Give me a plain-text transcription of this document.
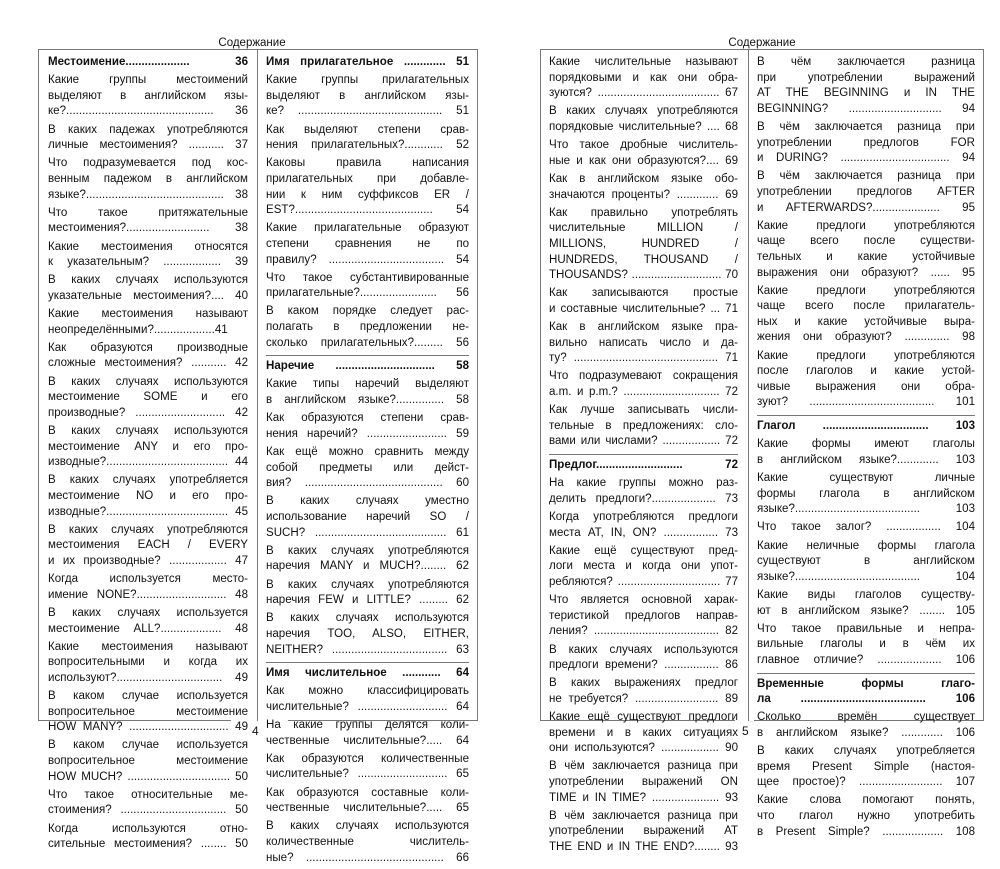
Содержание
Местоимение.................... 36
Какие группы местоимений
выделяют в английском язы-
ке?.............................................. 36
В каких падежах употребляются
личные местоимения? ........... 37
Что подразумевается под кос-
венным падежом в английском
языке?........................................... 38
Что такое притяжательные
местоимения?.......................... 38
Какие местоимения относятся
к указательным? .................. 39
В каких случаях используются
указательные местоимения?.... 40
Какие местоимения называют
неопределёнными?...................41
Как образуются производные
сложные местоимения? ........... 42
В каких случаях используются
местоимение SOME и его
производные? ............................ 42
В каких случаях используются
местоимение ANY и его про-
изводные?...................................... 44
В каких случаях употребляется
местоимение NO и его про-
изводные?...................................... 45
В каких случаях употребляются
местоимения EACH / EVERY
и их производные? .................. 47
Когда используется место-
имение NONE?............................ 48
В каких случаях используется
местоимение ALL?................... 48
Какие местоимения называют
вопросительными и когда их
используют?................................. 49
В каком случае используется
вопросительное местоимение
HOW MANY? ............................... 49
В каком случае используется
вопросительное местоимение
HOW MUCH? ................................ 50
Что такое относительные ме-
стоимения? ................................. 50
Когда используются отно-
сительные местоимения? ........ 50
Имя прилагательное ............. 51
Какие группы прилагательных
выделяют в английском язы-
ке? ............................................. 51
Как выделяют степени срав-
нения прилагательных?............ 52
Каковы правила написания
прилагательных при добавле-
нии к ним суффиксов ER /
EST?........................................... 54
Какие прилагательные образуют
степени сравнения не по
правилу? .................................... 54
Что такое субстантивированные
прилагательные?........................ 56
В каком порядке следует рас-
полагать в предложении не-
сколько прилагательных?......... 56
Наречие ............................... 58
Какие типы наречий выделяют
в английском языке?............... 58
Как образуются степени срав-
нения наречий? ......................... 59
Как ещё можно сравнить между
собой предметы или дейст-
вия? ........................................... 60
В каких случаях уместно
использование наречий SO /
SUCH? ......................................... 61
В каких случаях употребляются
наречия MANY и MUCH?........ 62
В каких случаях употребляются
наречия FEW и LITTLE? ......... 62
В каких случаях используются
наречия TOO, ALSO, EITHER,
NEITHER? .................................... 63
Имя числительное ............ 64
Как можно классифицировать
числительные? ............................ 64
На какие группы делятся коли-
чественные числительные?..... 64
Как образуются количественные
числительные? ............................ 65
Как образуются составные коли-
чественные числительные?..... 65
В каких случаях используются
количественные числитель-
ные? ........................................... 66
4
Содержание
Какие числительные называют
порядковыми и как они обра-
зуются? ...................................... 67
В каких случаях употребляются
порядковые числительные? .... 68
Что такое дробные числитель-
ные и как они образуются?.... 69
Как в английском языке обо-
значаются проценты? ............. 69
Как правильно употреблять
числительные MILLION /
MILLIONS, HUNDRED /
HUNDREDS, THOUSAND /
THOUSANDS? ............................ 70
Как записываются простые
и составные числительные? ... 71
Как в английском языке пра-
вильно написать число и да-
ту? ............................................. 71
Что подразумевают сокращения
a.m. и p.m.? .............................. 72
Как лучше записывать числи-
тельные в предложениях: сло-
вами или числами? .................. 72
Предлог........................... 72
На какие группы можно раз-
делить предлоги?.................... 73
Когда употребляются предлоги
места AT, IN, ON? ................. 73
Какие ещё существуют пред-
логи места и когда они упот-
ребляются? ................................ 77
Что является основной харак-
теристикой предлогов направ-
ления? ....................................... 82
В каких случаях используются
предлоги времени? ................. 86
В каких выражениях предлог
не требуется? .......................... 89
Какие ещё существуют предлоги
времени и в каких ситуациях
они используются? .................. 90
В чём заключается разница при
употреблении выражений ON
TIME и IN TIME? ..................... 93
В чём заключается разница при
употреблении выражений AT
THE END и IN THE END?........ 93
В чём заключается разница
при употреблении выражений
AT THE BEGINNING и IN THE
BEGINNING? ............................. 94
В чём заключается разница при
употреблении предлогов FOR
и DURING? .................................. 94
В чём заключается разница при
употреблении предлогов AFTER
и AFTERWARDS?..................... 95
Какие предлоги употребляются
чаще всего после существи-
тельных и какие устойчивые
выражения они образуют? ...... 95
Какие предлоги употребляются
чаще всего после прилагатель-
ных и какие устойчивые выра-
жения они образуют? .............. 98
Какие предлоги употребляются
после глаголов и какие устой-
чивые выражения они обра-
зуют? ....................................... 101
Глагол ................................. 103
Какие формы имеют глаголы
в английском языке?............. 103
Какие существуют личные
формы глагола в английском
языке?....................................... 103
Что такое залог? ................. 104
Какие неличные формы глагола
существуют в английском
языке?....................................... 104
Какие виды глаголов существу-
ют в английском языке? ........ 105
Что такое правильные и непра-
вильные глаголы и в чём их
главное отличие? .................... 106
Временные формы глаго-
ла ....................................... 106
Сколько времён существует
в английском языке? ............. 106
В каких случаях употребляется
время Present Simple (настоя-
щее простое)? .......................... 107
Какие слова помогают понять,
что глагол нужно употребить
в Present Simple? ................... 108
5
